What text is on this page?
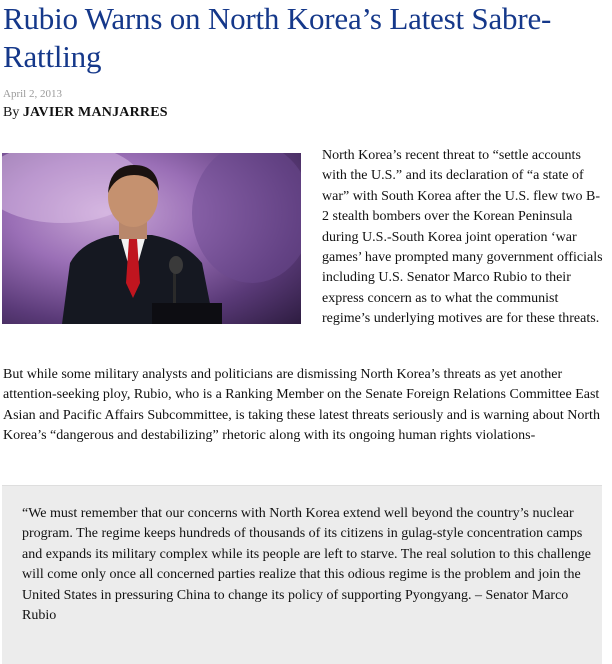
Rubio Warns on North Korea’s Latest Sabre-Rattling
April 2, 2013
By JAVIER MANJARRES

North Korea’s recent threat to “settle accounts with the U.S.” and its declaration of “a state of war” with South Korea after the U.S. flew two B-2 stealth bombers over the Korean Peninsula during U.S.-South Korea joint operation ‘war games’ have prompted many government officials including U.S. Senator Marco Rubio to their express concern as to what the communist regime’s underlying motives are for these threats.

But while some military analysts and politicians are dismissing North Korea’s threats as yet another attention-seeking ploy, Rubio, who is a Ranking Member on the Senate Foreign Relations Committee East Asian and Pacific Affairs Subcommittee, is taking these latest threats seriously and is warning about North Korea’s “dangerous and destabilizing” rhetoric along with its ongoing human rights violations-

“We must remember that our concerns with North Korea extend well beyond the country’s nuclear program. The regime keeps hundreds of thousands of its citizens in gulag-style concentration camps and expands its military complex while its people are left to starve. The real solution to this challenge will come only once all concerned parties realize that this odious regime is the problem and join the United States in pressuring China to change its policy of supporting Pyongyang. – Senator Marco Rubio
